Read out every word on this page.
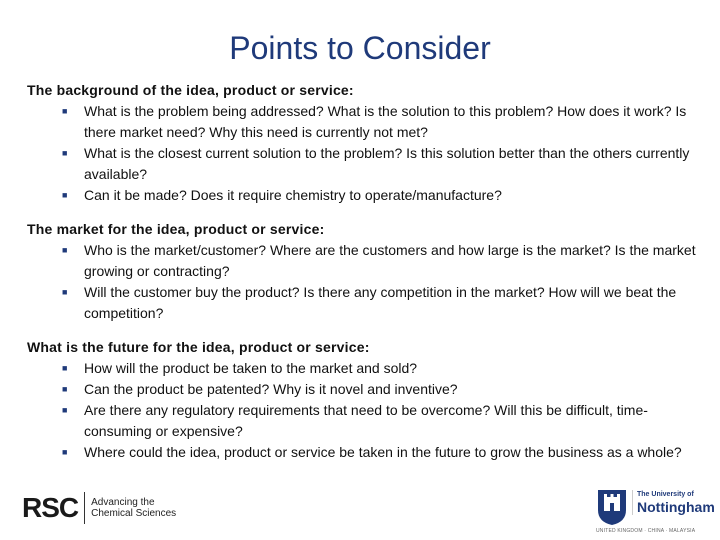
Points to Consider

The background of the idea, product or service:

■ What is the problem being addressed? What is the solution to this problem? How does it work? Is there market need? Why this need is currently not met?
■ What is the closest current solution to the problem? Is this solution better than the others currently available?
■ Can it be made? Does it require chemistry to operate/manufacture?

The market for the idea, product or service:

■ Who is the market/customer? Where are the customers and how large is the market? Is the market growing or contracting?
■ Will the customer buy the product? Is there any competition in the market? How will we beat the competition?

What is the future for the idea, product or service:

■ How will the product be taken to the market and sold?
■ Can the product be patented? Why is it novel and inventive?
■ Are there any regulatory requirements that need to be overcome? Will this be difficult, time-consuming or expensive?
■ Where could the idea, product or service be taken in the future to grow the business as a whole?
RSC	Advancing the
Chemical Sciences
The University of
Nottingham
UNITED KINGDOM · CHINA · MALAYSIA
